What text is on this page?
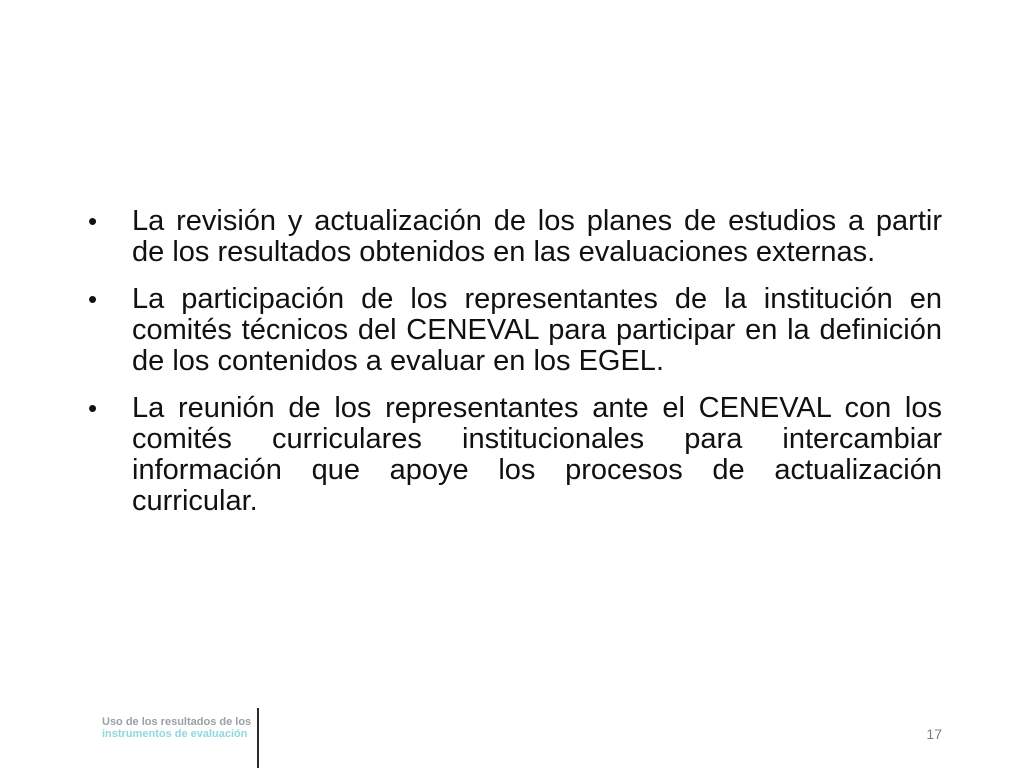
• La revisión y actualización de los planes de estudios a partir de los resultados obtenidos en las evaluaciones externas.
• La participación de los representantes de la institución en comités técnicos del CENEVAL para participar en la definición de los contenidos a evaluar en los EGEL.
• La reunión de los representantes ante el CENEVAL con los comités curriculares institucionales para intercambiar información que apoye los procesos de actualización curricular.
Uso de los resultados de los
instrumentos de evaluación	17
